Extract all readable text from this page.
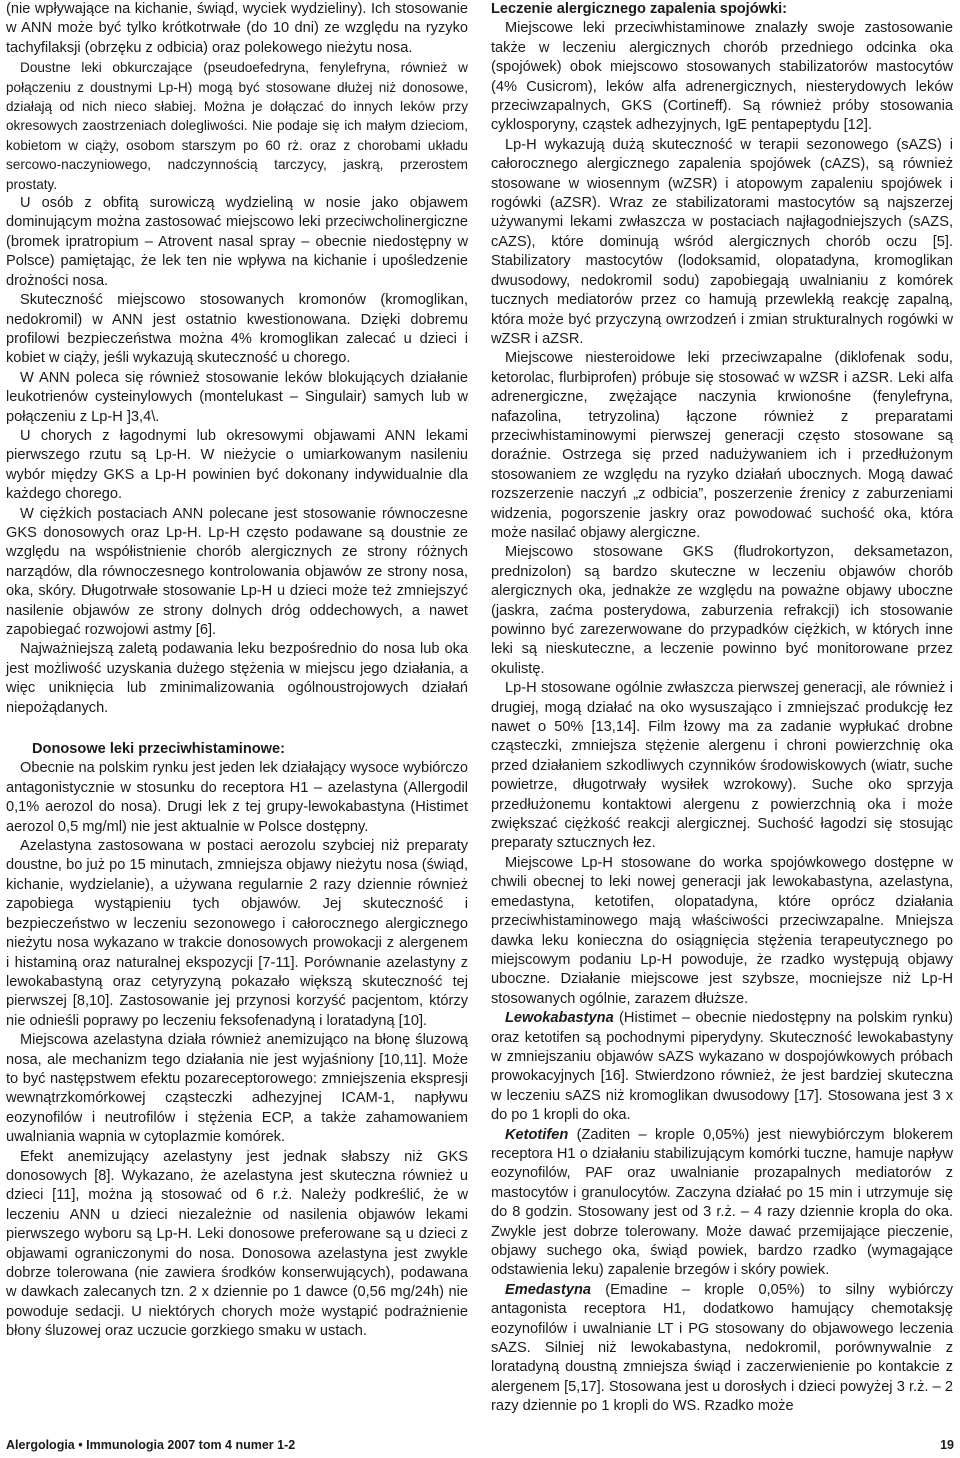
(nie wpływające na kichanie, świąd, wyciek wydzieliny). Ich stosowanie w ANN może być tylko krótkotrwałe (do 10 dni) ze względu na ryzyko tachyfilaksji (obrzęku z odbicia) oraz polekowego nieżytu nosa.

Doustne leki obkurczające (pseudoefedryna, fenylefryna, również w połączeniu z doustnymi Lp-H) mogą być stosowane dłużej niż donosowe, działają od nich nieco słabiej. Można je dołączać do innych leków przy okresowych zaostrzeniach dolegliwości. Nie podaje się ich małym dzieciom, kobietom w ciąży, osobom starszym po 60 rż. oraz z chorobami układu sercowo-naczyniowego, nadczynnością tarczycy, jaskrą, przerostem prostaty.

U osób z obfitą surowiczą wydzieliną w nosie jako objawem dominującym można zastosować miejscowo leki przeciwcholinergiczne (bromek ipratropium – Atrovent nasal spray – obecnie niedostępny w Polsce) pamiętając, że lek ten nie wpływa na kichanie i upośledzenie drożności nosa.

Skuteczność miejscowo stosowanych kromonów (kromoglikan, nedokromil) w ANN jest ostatnio kwestionowana. Dzięki dobremu profilowi bezpieczeństwa można 4% kromoglikan zalecać u dzieci i kobiet w ciąży, jeśli wykazują skuteczność u chorego.

W ANN poleca się również stosowanie leków blokujących działanie leukotrienów cysteinylowych (montelukast – Singulair) samych lub w połączeniu z Lp-H ]3,4\.

U chorych z łagodnymi lub okresowymi objawami ANN lekami pierwszego rzutu są Lp-H. W nieżycie o umiarkowanym nasileniu wybór między GKS a Lp-H powinien być dokonany indywidualnie dla każdego chorego.

W ciężkich postaciach ANN polecane jest stosowanie równoczesne GKS donosowych oraz Lp-H. Lp-H często podawane są doustnie ze względu na współistnienie chorób alergicznych ze strony różnych narządów, dla równoczesnego kontrolowania objawów ze strony nosa, oka, skóry. Długotrwałe stosowanie Lp-H u dzieci może też zmniejszyć nasilenie objawów ze strony dolnych dróg oddechowych, a nawet zapobiegać rozwojowi astmy [6].

Najważniejszą zaletą podawania leku bezpośrednio do nosa lub oka jest możliwość uzyskania dużego stężenia w miejscu jego działania, a więc uniknięcia lub zminimalizowania ogólnoustrojowych działań niepożądanych.

Donosowe leki przeciwhistaminowe:

Obecnie na polskim rynku jest jeden lek działający wysoce wybiórczo antagonistycznie w stosunku do receptora H1 – azelastyna (Allergodil 0,1% aerozol do nosa). Drugi lek z tej grupy-lewokabastyna (Histimet aerozol 0,5 mg/ml) nie jest aktualnie w Polsce dostępny.

Azelastyna zastosowana w postaci aerozolu szybciej niż preparaty doustne, bo już po 15 minutach, zmniejsza objawy nieżytu nosa (świąd, kichanie, wydzielanie), a używana regularnie 2 razy dziennie również zapobiega wystąpieniu tych objawów. Jej skuteczność i bezpieczeństwo w leczeniu sezonowego i całorocznego alergicznego nieżytu nosa wykazano w trakcie donosowych prowokacji z alergenem i histaminą oraz naturalnej ekspozycji [7-11]. Porównanie azelastyny z lewokabastyną oraz cetyryzyną pokazało większą skuteczność tej pierwszej [8,10]. Zastosowanie jej przynosi korzyść pacjentom, którzy nie odnieśli poprawy po leczeniu feksofenadyną i loratadyną [10].

Miejscowa azelastyna działa również anemizująco na błonę śluzową nosa, ale mechanizm tego działania nie jest wyjaśniony [10,11]. Może to być następstwem efektu pozareceptorowego: zmniejszenia ekspresji wewnątrzkomórkowej cząsteczki adhezyjnej ICAM-1, napływu eozynofilów i neutrofilów i stężenia ECP, a także zahamowaniem uwalniania wapnia w cytoplazmie komórek.

Efekt anemizujący azelastyny jest jednak słabszy niż GKS donosowych [8]. Wykazano, że azelastyna jest skuteczna również u dzieci [11], można ją stosować od 6 r.ż. Należy podkreślić, że w leczeniu ANN u dzieci niezależnie od nasilenia objawów lekami pierwszego wyboru są Lp-H. Leki donosowe preferowane są u dzieci z objawami ograniczonymi do nosa. Donosowa azelastyna jest zwykle dobrze tolerowana (nie zawiera środków konserwujących), podawana w dawkach zalecanych tzn. 2 x dziennie po 1 dawce (0,56 mg/24h) nie powoduje sedacji. U niektórych chorych może wystąpić podrażnienie błony śluzowej oraz uczucie gorzkiego smaku w ustach.

Leczenie alergicznego zapalenia spojówki:

Miejscowe leki przeciwhistaminowe znalazły swoje zastosowanie także w leczeniu alergicznych chorób przedniego odcinka oka (spojówek) obok miejscowo stosowanych stabilizatorów mastocytów (4% Cusicrom), leków alfa adrenergicznych, niesterydowych leków przeciwzapalnych, GKS (Cortineff). Są również próby stosowania cyklosporyny, cząstek adhezyjnych, IgE pentapeptydu [12].

Lp-H wykazują dużą skuteczność w terapii sezonowego (sAZS) i całorocznego alergicznego zapalenia spojówek (cAZS), są również stosowane w wiosennym (wZSR) i atopowym zapaleniu spojówek i rogówki (aZSR). Wraz ze stabilizatorami mastocytów są najszerzej używanymi lekami zwłaszcza w postaciach najłagodniejszych (sAZS, cAZS), które dominują wśród alergicznych chorób oczu [5]. Stabilizatory mastocytów (lodoksamid, olopatadyna, kromoglikan dwusodowy, nedokromil sodu) zapobiegają uwalnianiu z komórek tucznych mediatorów przez co hamują przewlekłą reakcję zapalną, która może być przyczyną owrzodzeń i zmian strukturalnych rogówki w wZSR i aZSR.

Miejscowe niesteroidowe leki przeciwzapalne (diklofenak sodu, ketorolac, flurbiprofen) próbuje się stosować w wZSR i aZSR. Leki alfa adrenergiczne, zwężające naczynia krwionośne (fenylefryna, nafazolina, tetryzolina) łączone również z preparatami przeciwhistaminowymi pierwszej generacji często stosowane są doraźnie. Ostrzega się przed nadużywaniem ich i przedłużonym stosowaniem ze względu na ryzyko działań ubocznych. Mogą dawać rozszerzenie naczyń „z odbicia”, poszerzenie źrenicy z zaburzeniami widzenia, pogorszenie jaskry oraz powodować suchość oka, która może nasilać objawy alergiczne.

Miejscowo stosowane GKS (fludrokortyzon, deksametazon, prednizolon) są bardzo skuteczne w leczeniu objawów chorób alergicznych oka, jednakże ze względu na poważne objawy uboczne (jaskra, zaćma posterydowa, zaburzenia refrakcji) ich stosowanie powinno być zarezerwowane do przypadków ciężkich, w których inne leki są nieskuteczne, a leczenie powinno być monitorowane przez okulistę.

Lp-H stosowane ogólnie zwłaszcza pierwszej generacji, ale również i drugiej, mogą działać na oko wysuszająco i zmniejszać produkcję łez nawet o 50% [13,14]. Film łzowy ma za zadanie wypłukać drobne cząsteczki, zmniejsza stężenie alergenu i chroni powierzchnię oka przed działaniem szkodliwych czynników środowiskowych (wiatr, suche powietrze, długotrwały wysiłek wzrokowy). Suche oko sprzyja przedłużonemu kontaktowi alergenu z powierzchnią oka i może zwiększać ciężkość reakcji alergicznej. Suchość łagodzi się stosując preparaty sztucznych łez.

Miejscowe Lp-H stosowane do worka spojówkowego dostępne w chwili obecnej to leki nowej generacji jak lewokabastyna, azelastyna, emedastyna, ketotifen, olopatadyna, które oprócz działania przeciwhistaminowego mają właściwości przeciwzapalne. Mniejsza dawka leku konieczna do osiągnięcia stężenia terapeutycznego po miejscowym podaniu Lp-H powoduje, że rzadko występują objawy uboczne. Działanie miejscowe jest szybsze, mocniejsze niż Lp-H stosowanych ogólnie, zarazem dłuższe.

Lewokabastyna (Histimet – obecnie niedostępny na polskim rynku) oraz ketotifen są pochodnymi piperydyny. Skuteczność lewokabastyny w zmniejszaniu objawów sAZS wykazano w dospojówkowych próbach prowokacyjnych [16]. Stwierdzono również, że jest bardziej skuteczna w leczeniu sAZS niż kromoglikan dwusodowy [17]. Stosowana jest 3 x do po 1 kropli do oka.

Ketotifen (Zaditen – krople 0,05%) jest niewybiórczym blokerem receptora H1 o działaniu stabilizującym komórki tuczne, hamuje napływ eozynofilów, PAF oraz uwalnianie prozapalnych mediatorów z mastocytów i granulocytów. Zaczyna działać po 15 min i utrzymuje się do 8 godzin. Stosowany jest od 3 r.ż. – 4 razy dziennie kropla do oka. Zwykle jest dobrze tolerowany. Może dawać przemijające pieczenie, objawy suchego oka, świąd powiek, bardzo rzadko (wymagające odstawienia leku) zapalenie brzegów i skóry powiek.

Emedastyna (Emadine – krople 0,05%) to silny wybiórczy antagonista receptora H1, dodatkowo hamujący chemotaksję eozynofilów i uwalnianie LT i PG stosowany do objawowego leczenia sAZS. Silniej niż lewokabastyna, nedokromil, porównywalnie z loratadyną doustną zmniejsza świąd i zaczerwienienie po kontakcie z alergenem [5,17]. Stosowana jest u dorosłych i dzieci powyżej 3 r.ż. – 2 razy dziennie po 1 kropli do WS. Rzadko może

Alergologia • Immunologia 2007 tom 4 numer 1-2	19
